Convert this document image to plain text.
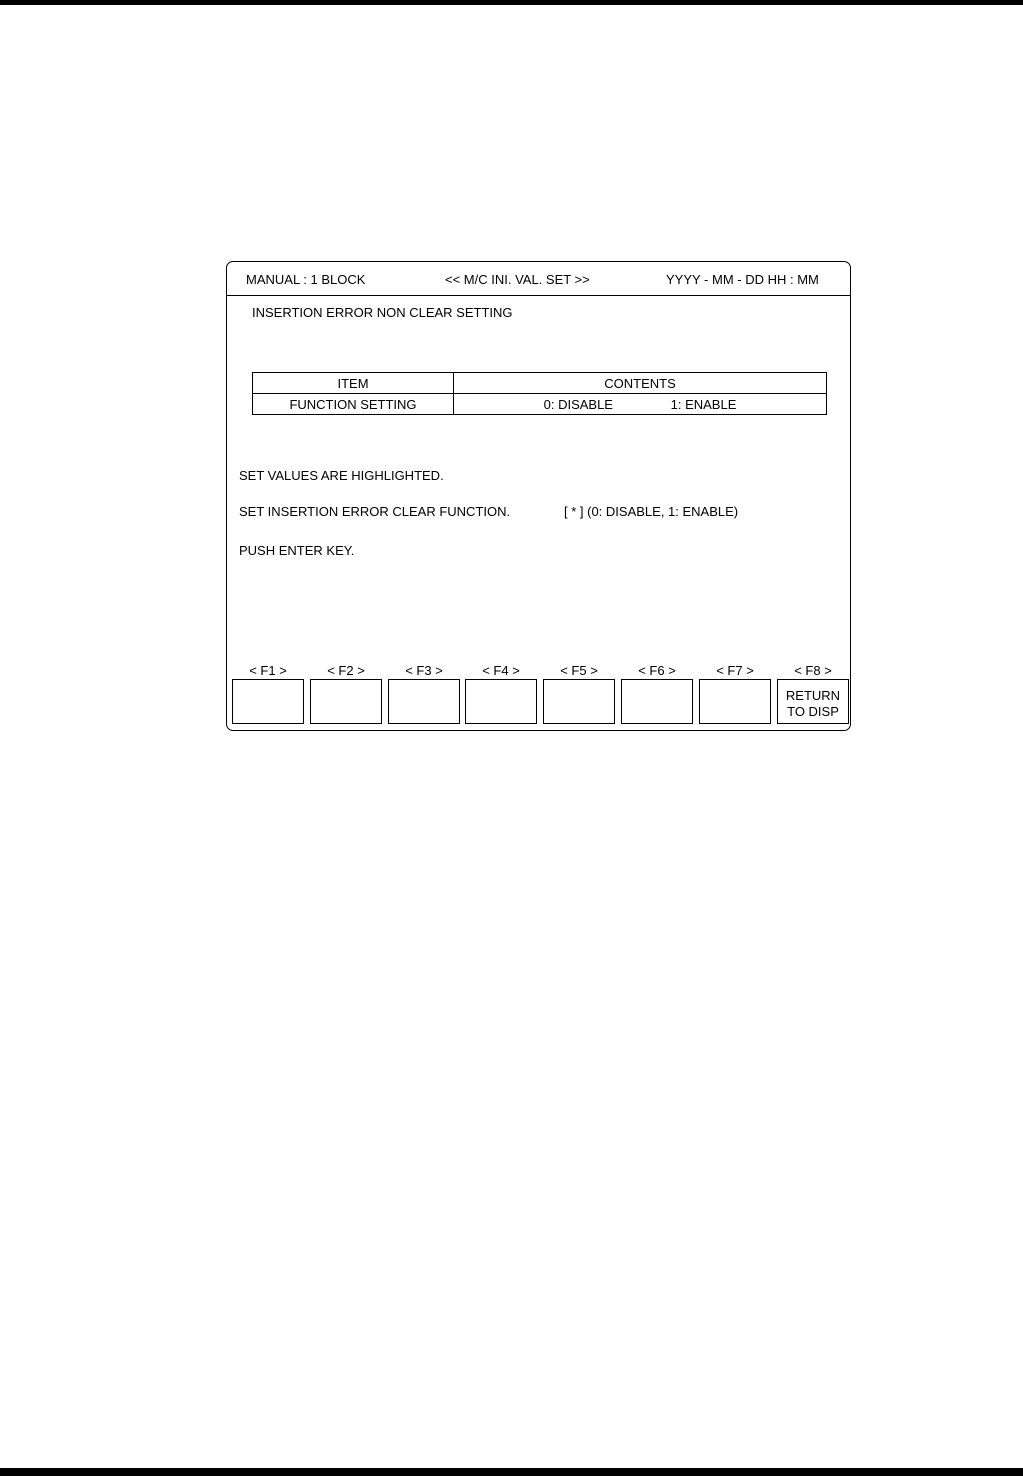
MANUAL : 1 BLOCK	<< M/C INI. VAL. SET >>	YYYY - MM - DD HH : MM
INSERTION ERROR NON CLEAR SETTING
ITEM	CONTENTS
FUNCTION SETTING	0: DISABLE 1: ENABLE
SET VALUES ARE HIGHLIGHTED.
SET INSERTION ERROR CLEAR FUNCTION.	[ * ] (0: DISABLE, 1: ENABLE)
PUSH ENTER KEY.
< F1 >	< F2 >	< F3 >	< F4 >	< F5 >	< F6 >	< F7 >	< F8 >
RETURN
TO DISP
